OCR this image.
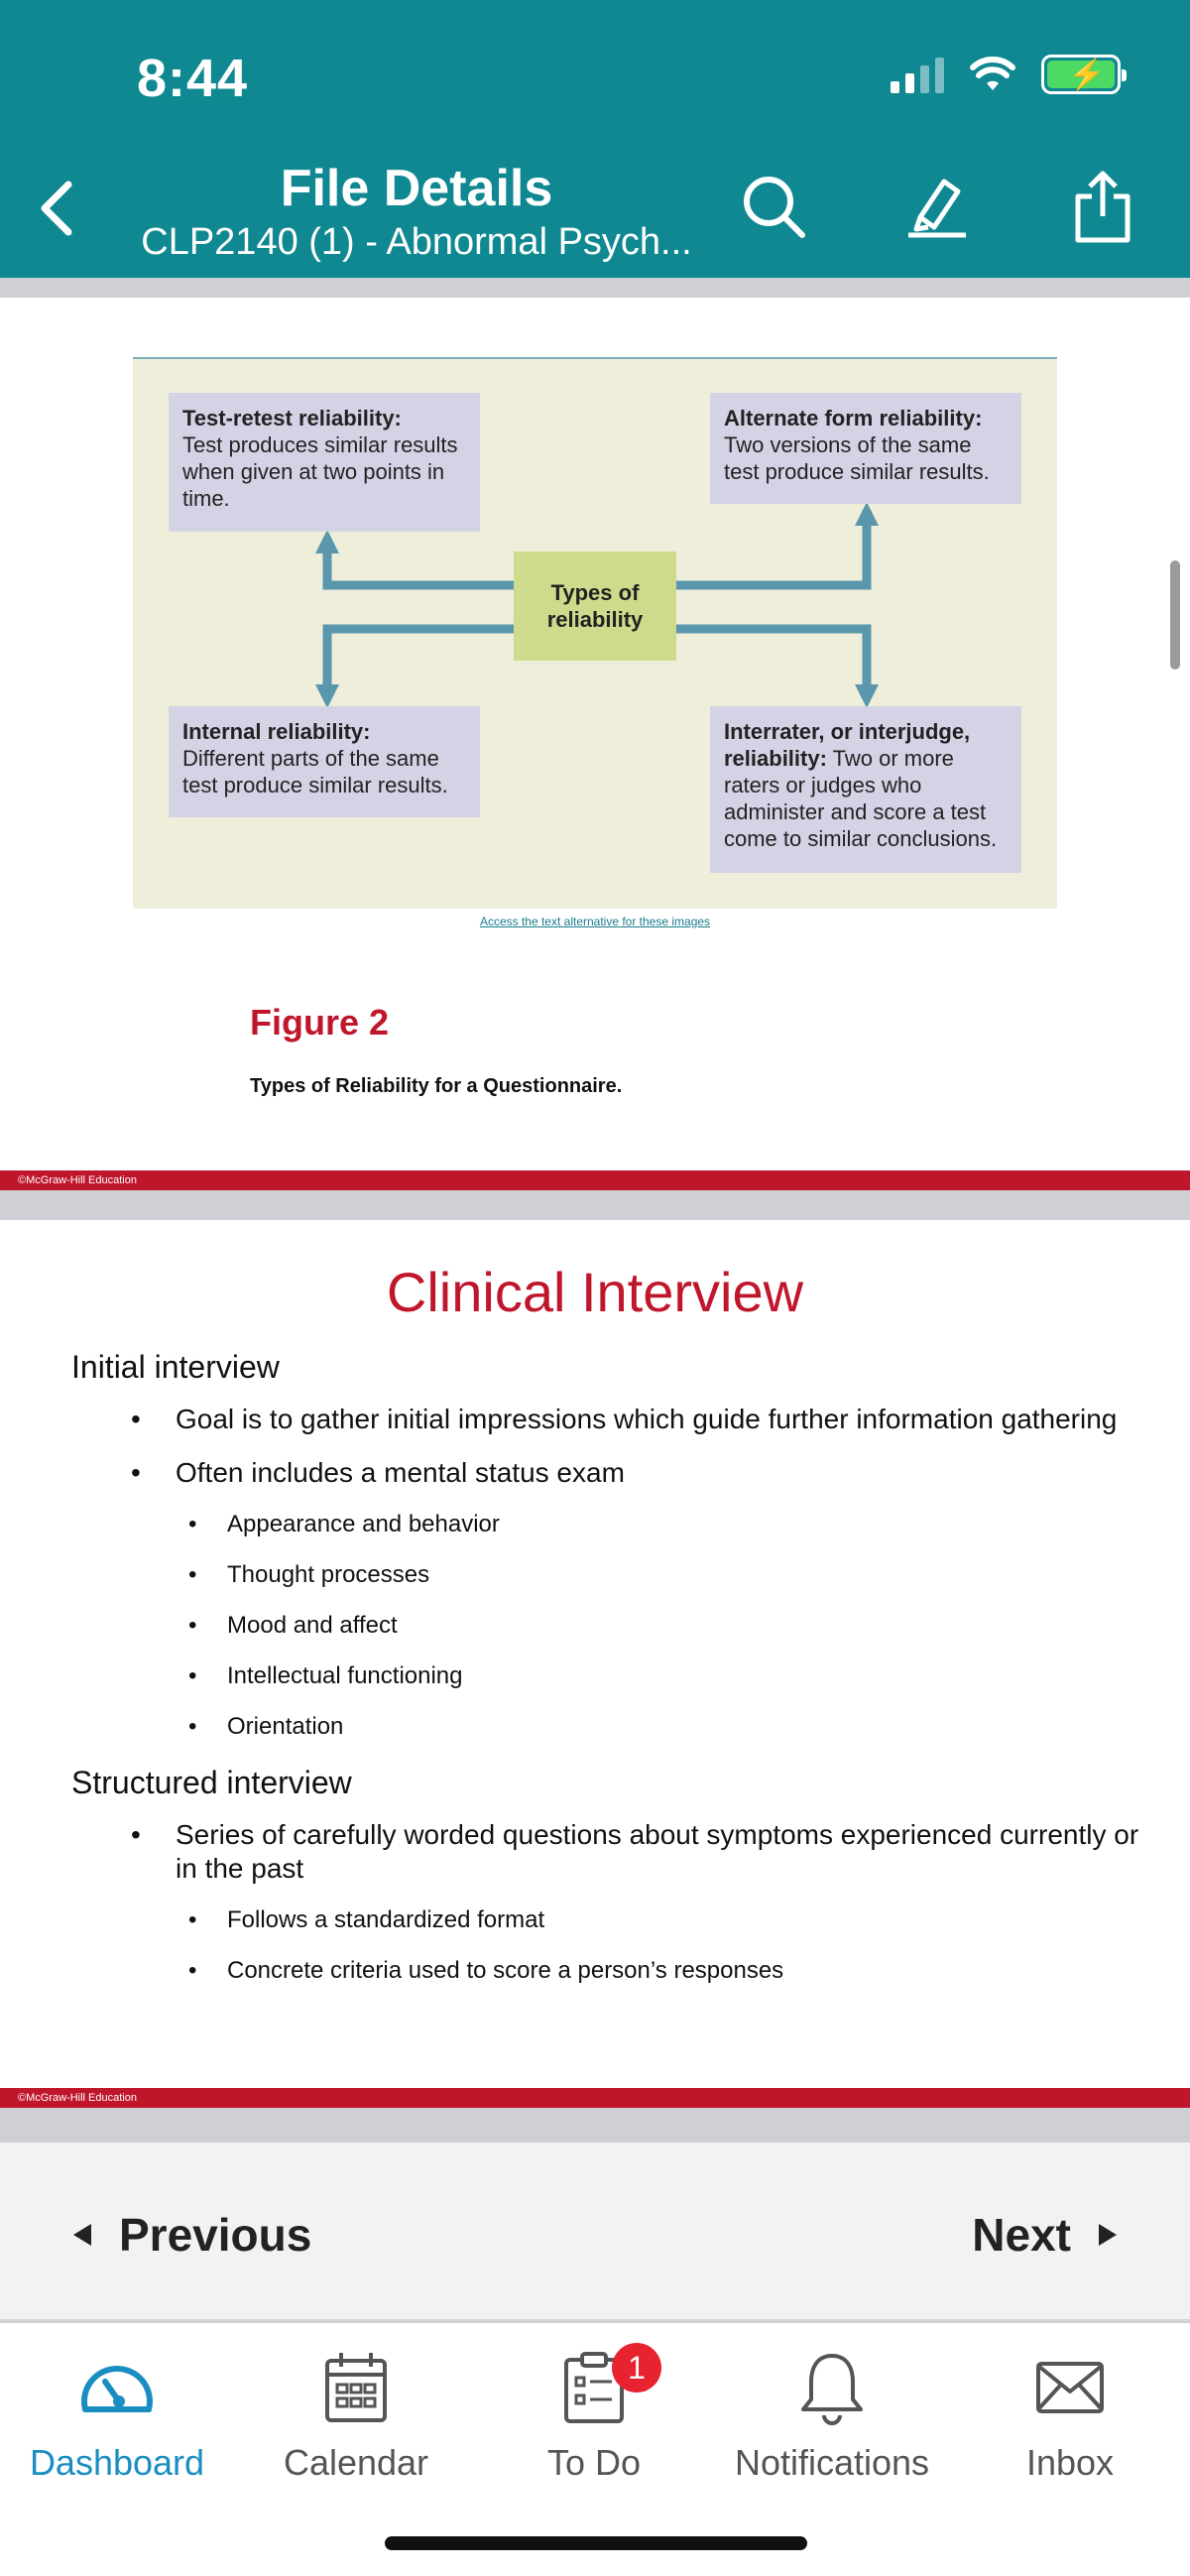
8:44	⚡
File Details
CLP2140 (1) - Abnormal Psych...
Test-retest reliability:
Test produces similar results when given at two points in time.
Alternate form reliability:
Two versions of the same test produce similar results.
Types of reliability
Internal reliability:
Different parts of the same test produce similar results.
Interrater, or interjudge, reliability: Two or more raters or judges who administer and score a test come to similar conclusions.
Access the text alternative for these images
Figure 2
Types of Reliability for a Questionnaire.
©McGraw-Hill Education
Clinical Interview
Initial interview
• Goal is to gather initial impressions which guide further information gathering
• Often includes a mental status exam
• Appearance and behavior
• Thought processes
• Mood and affect
• Intellectual functioning
• Orientation
Structured interview
• Series of carefully worded questions about symptoms experienced currently or in the past
• Follows a standardized format
• Concrete criteria used to score a person’s responses
©McGraw-Hill Education
Previous	Next
Dashboard	Calendar
1
To Do	Notifications	Inbox
